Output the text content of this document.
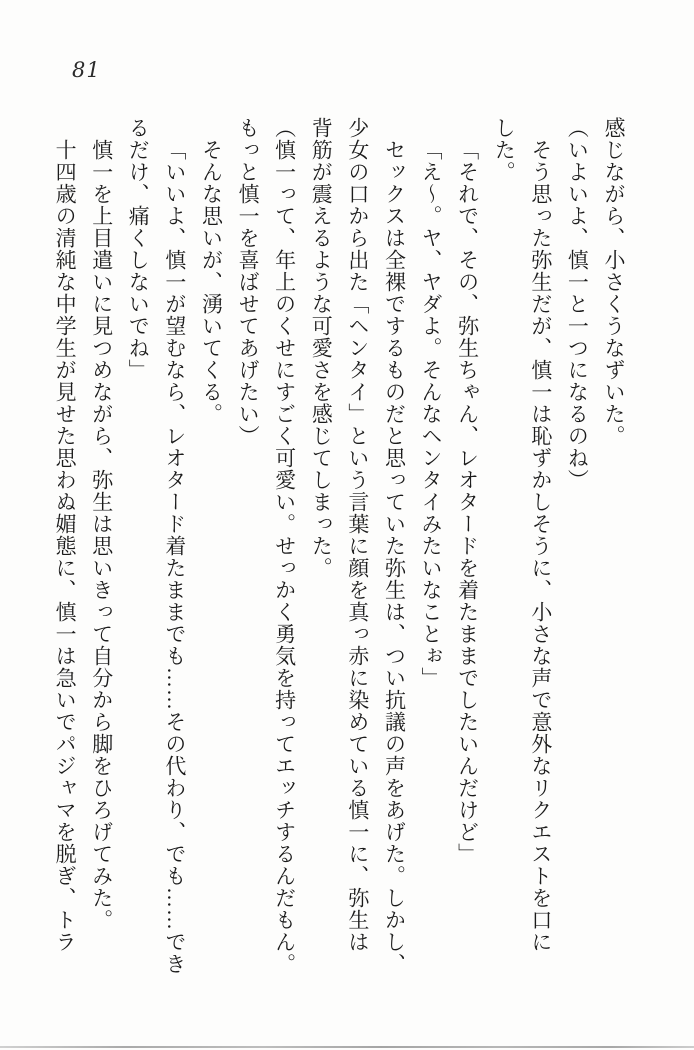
81
感じながら、小さくうなずいた。
（いよいよ、慎一と一つになるのね）
そう思った弥生だが、慎一は恥ずかしそうに、小さな声で意外なリクエストを口に
した。
「それで、その、弥生ちゃん、レオタードを着たままでしたいんだけど」
「え〜。ヤ、ヤダよ。そんなヘンタイみたいなことぉ」
セックスは全裸でするものだと思っていた弥生は、つい抗議の声をあげた。しかし、
少女の口から出た「ヘンタイ」という言葉に顔を真っ赤に染めている慎一に、弥生は
背筋が震えるような可愛さを感じてしまった。
（慎一って、年上のくせにすごく可愛い。せっかく勇気を持ってエッチするんだもん。
もっと慎一を喜ばせてあげたい）
そんな思いが、湧いてくる。
「いいよ、慎一が望むなら、レオタード着たままでも……その代わり、でも……でき
るだけ、痛くしないでね」
慎一を上目遣いに見つめながら、弥生は思いきって自分から脚をひろげてみた。
十四歳の清純な中学生が見せた思わぬ媚態に、慎一は急いでパジャマを脱ぎ、トラ
